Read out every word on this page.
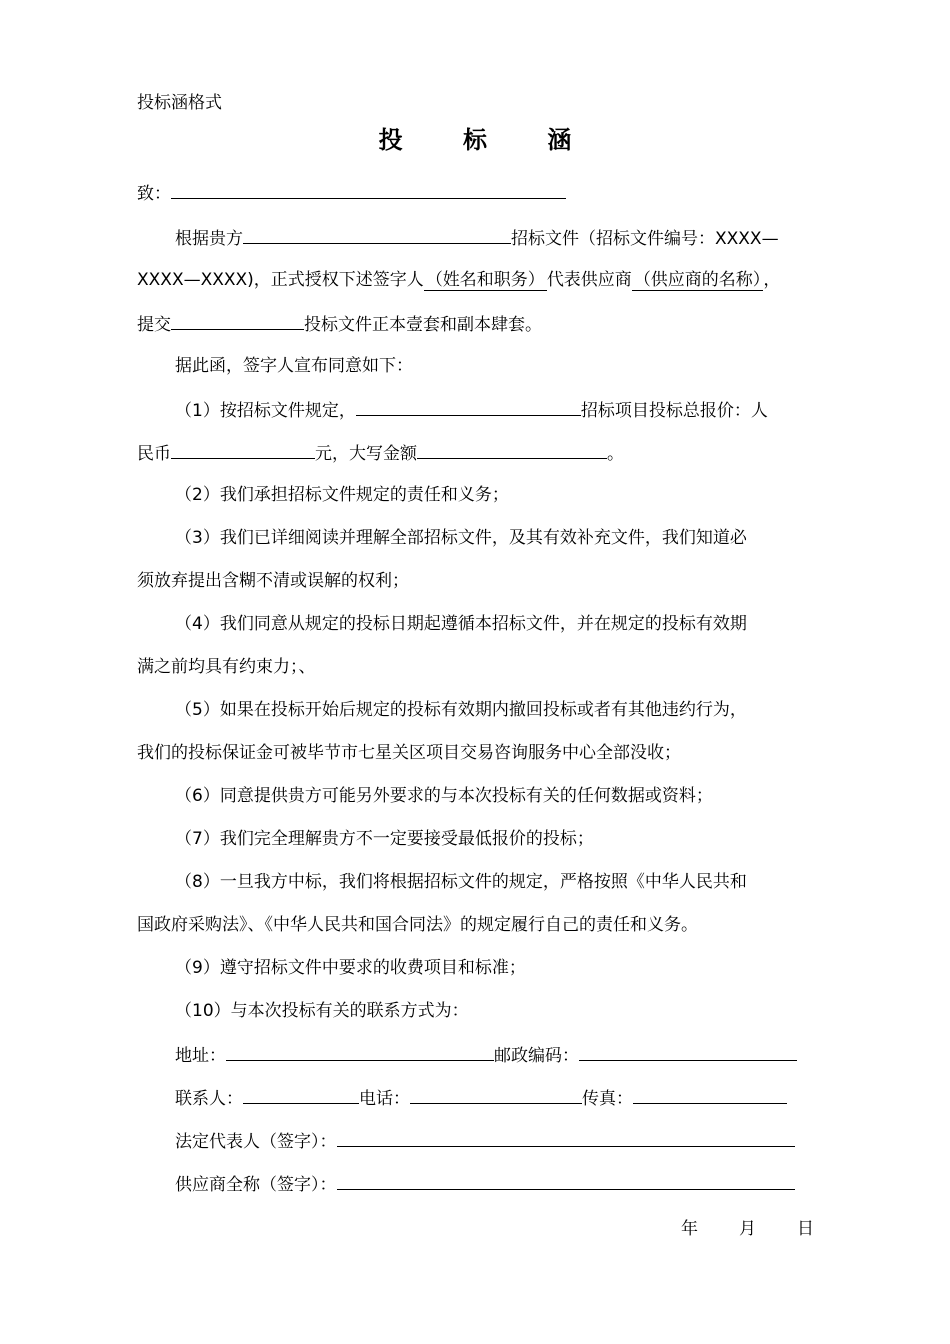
投标涵格式
投 标 涵
致：
根据贵方	招标文件（招标文件编号：XXXX—
XXXX—XXXX)，正式授权下述签字人 （姓名和职务） 代表供应商 （供应商的名称） ，
提交	投标文件正本壹套和副本肆套。
据此函，签字人宣布同意如下：
（1）按招标文件规定，	招标项目投标总报价：人
民币	元，大写金额	。
（2）我们承担招标文件规定的责任和义务；
（3）我们已详细阅读并理解全部招标文件，及其有效补充文件，我们知道必
须放弃提出含糊不清或误解的权利；
（4）我们同意从规定的投标日期起遵循本招标文件，并在规定的投标有效期
满之前均具有约束力；、
（5）如果在投标开始后规定的投标有效期内撤回投标或者有其他违约行为，
我们的投标保证金可被毕节市七星关区项目交易咨询服务中心全部没收；
（6）同意提供贵方可能另外要求的与本次投标有关的任何数据或资料；
（7）我们完全理解贵方不一定要接受最低报价的投标；
（8）一旦我方中标，我们将根据招标文件的规定，严格按照《中华人民共和
国政府采购法》、《中华人民共和国合同法》的规定履行自己的责任和义务。
（9）遵守招标文件中要求的收费项目和标准；
（10）与本次投标有关的联系方式为：
地址：	邮政编码：
联系人：	电话：	传真：
法定代表人（签字）：
供应商全称（签字）：
年 月 日
